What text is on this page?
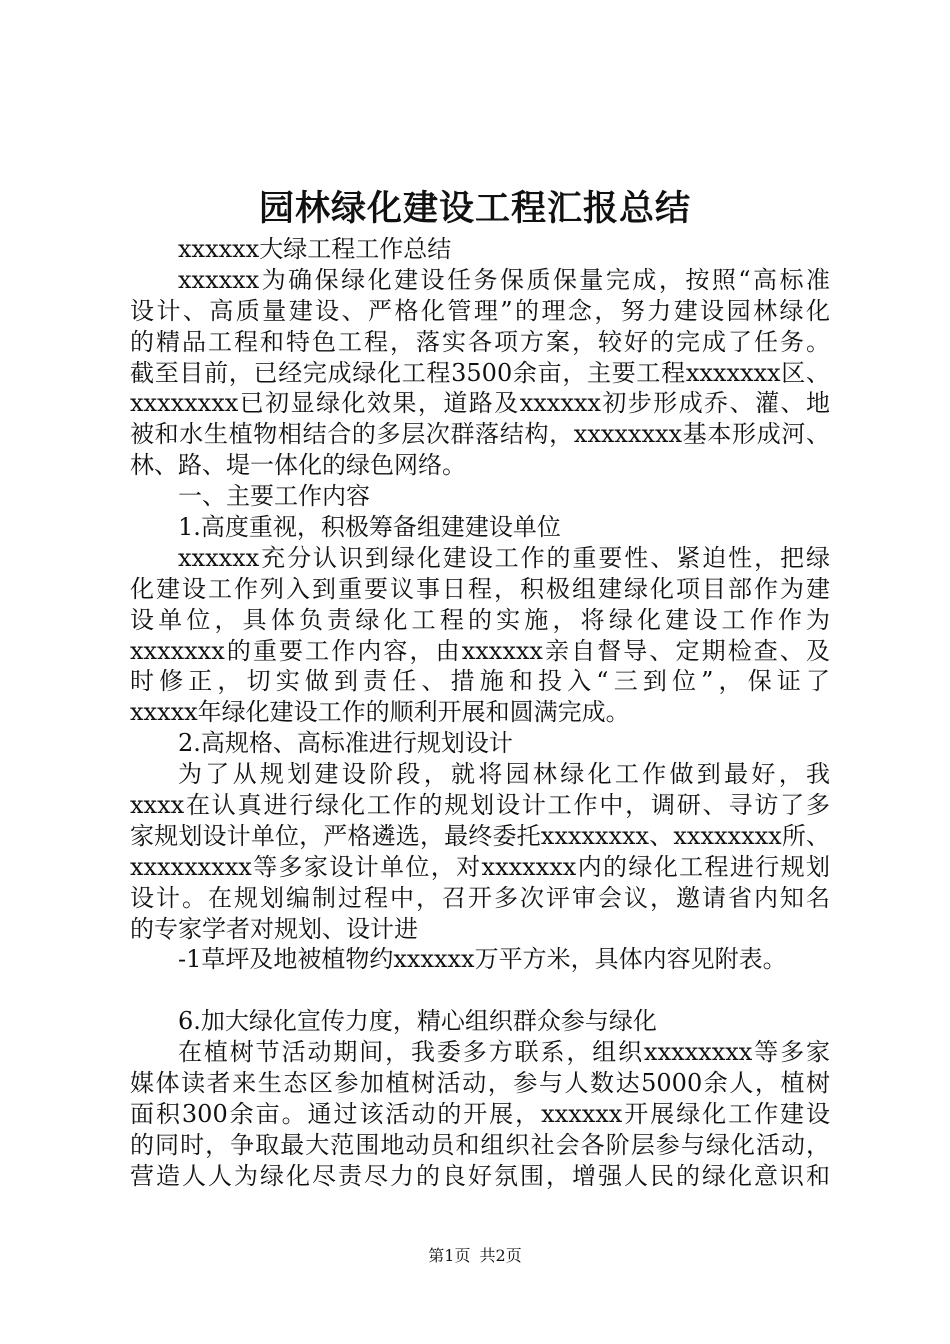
园林绿化建设工程汇报总结
xxxxxx大绿工程工作总结
xxxxxx为确保绿化建设任务保质保量完成，按照“高标准
设计、高质量建设、严格化管理”的理念，努力建设园林绿化
的精品工程和特色工程，落实各项方案，较好的完成了任务。
截至目前，已经完成绿化工程3500余亩，主要工程xxxxxxx区、
xxxxxxxx已初显绿化效果，道路及xxxxxx初步形成乔、灌、地
被和水生植物相结合的多层次群落结构，xxxxxxxx基本形成河、
林、路、堤一体化的绿色网络。
一、主要工作内容
1.高度重视，积极筹备组建建设单位
xxxxxx充分认识到绿化建设工作的重要性、紧迫性，把绿
化建设工作列入到重要议事日程，积极组建绿化项目部作为建
设单位，具体负责绿化工程的实施，将绿化建设工作作为
xxxxxxx的重要工作内容，由xxxxxx亲自督导、定期检查、及
时修正，切实做到责任、措施和投入“三到位”，保证了
xxxxx年绿化建设工作的顺利开展和圆满完成。
2.高规格、高标准进行规划设计
为了从规划建设阶段，就将园林绿化工作做到最好，我
xxxx在认真进行绿化工作的规划设计工作中，调研、寻访了多
家规划设计单位，严格遴选，最终委托xxxxxxxx、xxxxxxxx所、
xxxxxxxxx等多家设计单位，对xxxxxxx内的绿化工程进行规划
设计。在规划编制过程中，召开多次评审会议，邀请省内知名
的专家学者对规划、设计进
-1草坪及地被植物约xxxxxx万平方米，具体内容见附表。
6.加大绿化宣传力度，精心组织群众参与绿化
在植树节活动期间，我委多方联系，组织xxxxxxxx等多家
媒体读者来生态区参加植树活动，参与人数达5000余人，植树
面积300余亩。通过该活动的开展，xxxxxx开展绿化工作建设
的同时，争取最大范围地动员和组织社会各阶层参与绿化活动，
营造人人为绿化尽责尽力的良好氛围，增强人民的绿化意识和
第1页 共2页
